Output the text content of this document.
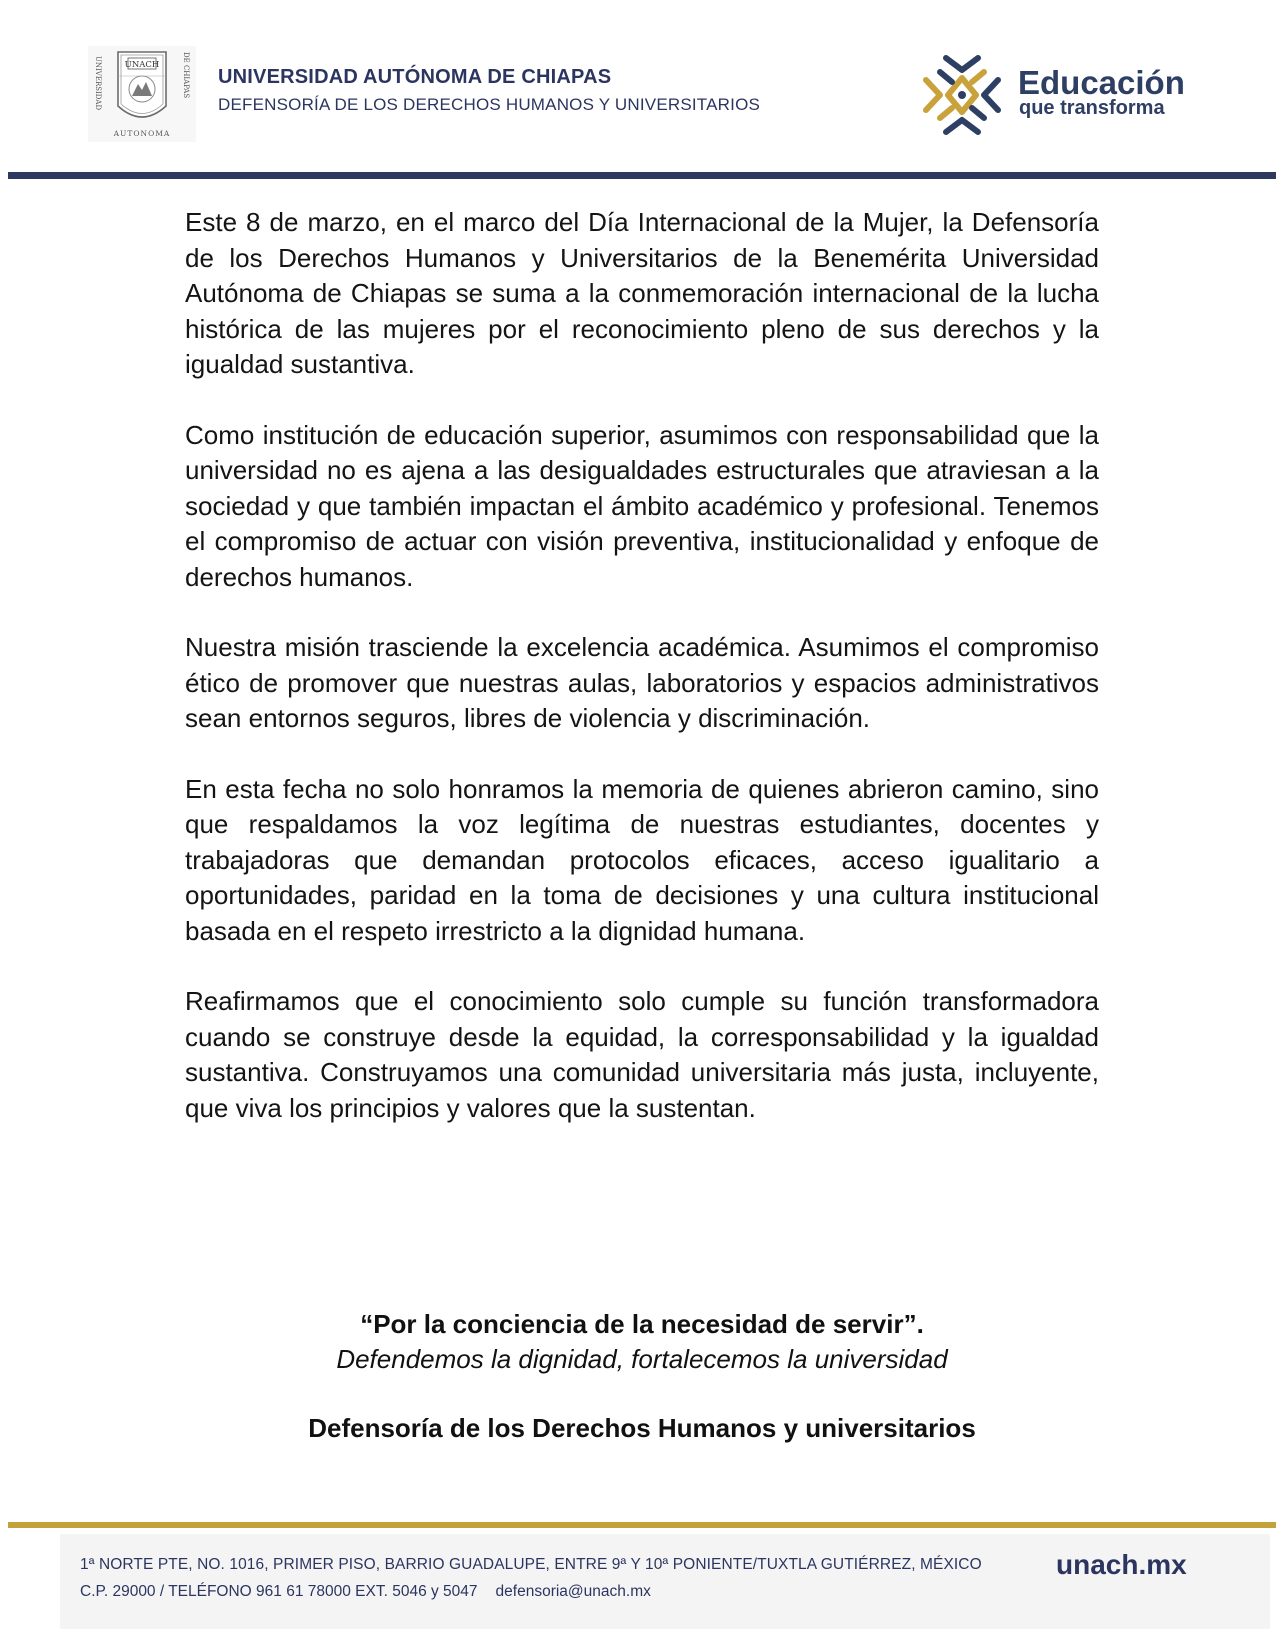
UNIVERSIDAD	DE CHIAPAS
UNACH
AUTONOMA
UNIVERSIDAD AUTÓNOMA DE CHIAPAS
DEFENSORÍA DE LOS DERECHOS HUMANOS Y UNIVERSITARIOS
Educación
que transforma

Este 8 de marzo, en el marco del Día Internacional de la Mujer, la Defensoría de los Derechos Humanos y Universitarios de la Benemérita Universidad Autónoma de Chiapas se suma a la conmemoración internacional de la lucha histórica de las mujeres por el reconocimiento pleno de sus derechos y la igualdad sustantiva.

Como institución de educación superior, asumimos con responsabilidad que la universidad no es ajena a las desigualdades estructurales que atraviesan a la sociedad y que también impactan el ámbito académico y profesional. Tenemos el compromiso de actuar con visión preventiva, institucionalidad y enfoque de derechos humanos.

Nuestra misión trasciende la excelencia académica. Asumimos el compromiso ético de promover que nuestras aulas, laboratorios y espacios administrativos sean entornos seguros, libres de violencia y discriminación.

En esta fecha no solo honramos la memoria de quienes abrieron camino, sino que respaldamos la voz legítima de nuestras estudiantes, docentes y trabajadoras que demandan protocolos eficaces, acceso igualitario a oportunidades, paridad en la toma de decisiones y una cultura institucional basada en el respeto irrestricto a la dignidad humana.

Reafirmamos que el conocimiento solo cumple su función transformadora cuando se construye desde la equidad, la corresponsabilidad y la igualdad sustantiva. Construyamos una comunidad universitaria más justa, incluyente, que viva los principios y valores que la sustentan.

“Por la conciencia de la necesidad de servir”.
Defendemos la dignidad, fortalecemos la universidad
Defensoría de los Derechos Humanos y universitarios
1ª NORTE PTE, NO. 1016, PRIMER PISO, BARRIO GUADALUPE, ENTRE 9ª Y 10ª PONIENTE/TUXTLA GUTIÉRREZ, MÉXICO
C.P. 29000 / TELÉFONO 961 61 78000 EXT. 5046 y 5047 defensoria@unach.mx
unach.mx
